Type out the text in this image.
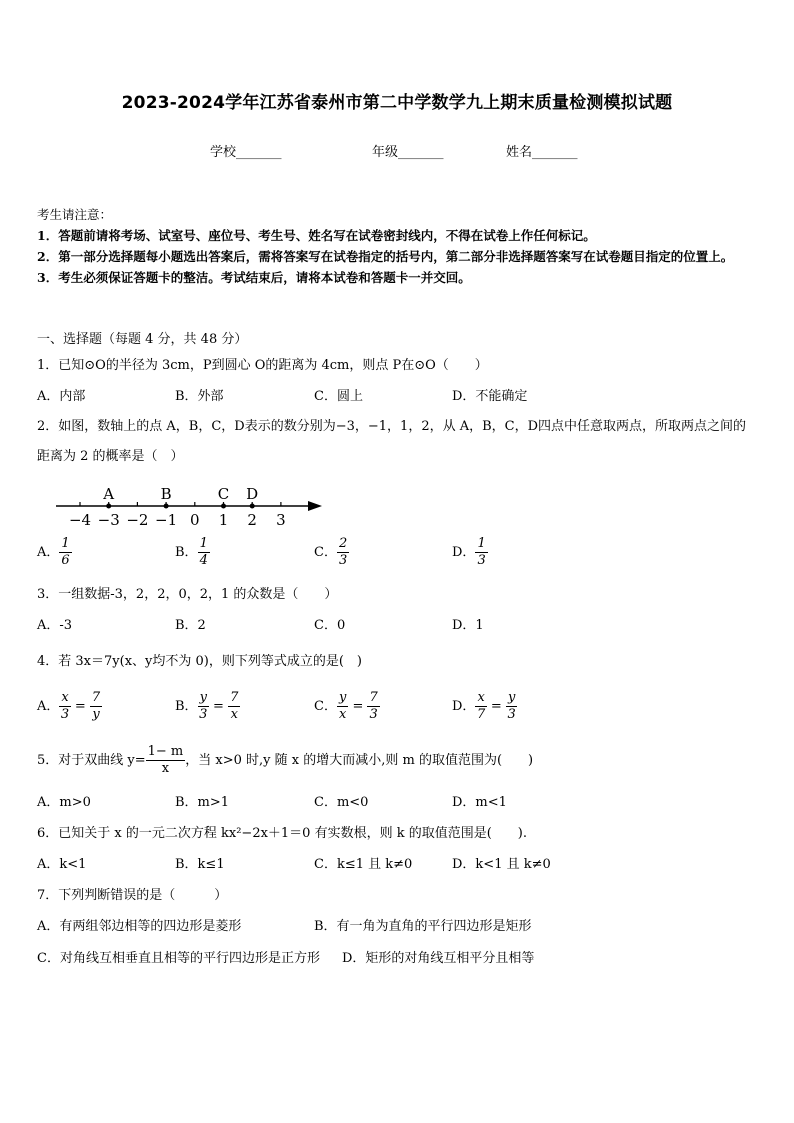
2023-2024学年江苏省泰州市第二中学数学九上期末质量检测模拟试题
学校_______	年级_______	姓名_______
考生请注意：
1．答题前请将考场、试室号、座位号、考生号、姓名写在试卷密封线内，不得在试卷上作任何标记。
2．第一部分选择题每小题选出答案后，需将答案写在试卷指定的括号内，第二部分非选择题答案写在试卷题目指定的位置上。
3．考生必须保证答题卡的整洁。考试结束后，请将本试卷和答题卡一并交回。
一、选择题（每题 4 分，共 48 分）
1．已知⊙O的半径为 3cm，P到圆心 O的距离为 4cm，则点 P在⊙O（　　）
A．内部	B．外部	C．圆上	D．不能确定
2．如图，数轴上的点 A，B，C，D表示的数分别为−3，−1，1，2，从 A，B，C，D四点中任意取两点，所取两点之间的距离为 2 的概率是（　）
−4 −3 −2 −1 0 1 2 3
A	B	C D
A． $\frac{1}{6}$	B． $\frac{1}{4}$	C． $\frac{2}{3}$	D． $\frac{1}{3}$
3．一组数据-3，2，2，0，2，1 的众数是（　　）
A．-3	B．2	C．0	D．1
4．若 3x＝7y(x、y均不为 0)，则下列等式成立的是(　)
A． $\frac{x}{3} = \frac{7}{y}$	B． $\frac{y}{3} = \frac{7}{x}$	C． $\frac{y}{x} = \frac{7}{3}$	D． $\frac{x}{7} = \frac{y}{3}$
5．对于双曲线 $y= \frac{1- m}{x}$ ，当 x>0 时,y 随 x 的增大而减小,则 m 的取值范围为(　　)
A．m>0	B．m>1	C．m<0	D．m<1
6．已知关于 x 的一元二次方程 kx²−2x＋1＝0 有实数根，则 k 的取值范围是(　　).
A．k<1	B．k≤1	C．k≤1 且 k≠0	D．k<1 且 k≠0
7．下列判断错误的是（　　　）
A．有两组邻边相等的四边形是菱形	B．有一角为直角的平行四边形是矩形
C．对角线互相垂直且相等的平行四边形是正方形 D．矩形的对角线互相平分且相等
